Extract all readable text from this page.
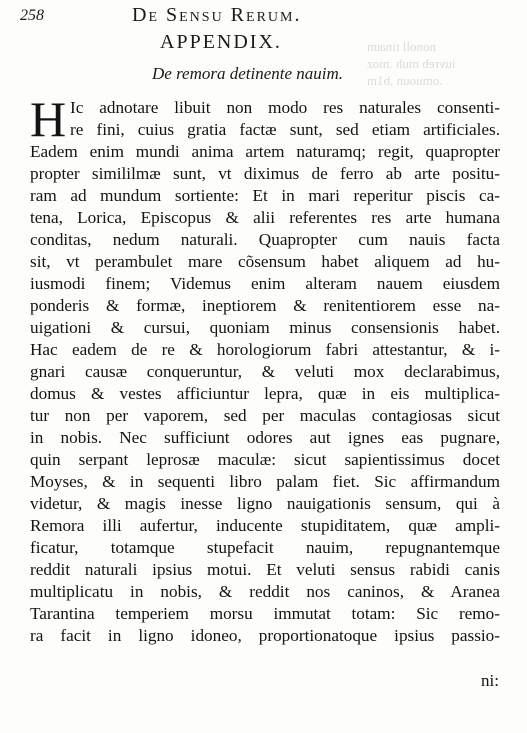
nonoll tinaun
iuvreb muh .moz
.omuoun ,b1m
258	De Sensu Rerum.
APPENDIX.
De remora detinente nauim.
H Ic adnotare libuit non modo res naturales consenti-
re fini, cuius gratia factæ sunt, sed etiam artificiales.
Eadem enim mundi anima artem naturamq; regit, quapropter
propter simililmæ sunt, vt diximus de ferro ab arte positu-
ram ad mundum sortiente: Et in mari reperitur piscis ca-
tena, Lorica, Episcopus & alii referentes res arte humana
conditas, nedum naturali. Quapropter cum nauis facta
sit, vt perambulet mare cõsensum habet aliquem ad hu-
iusmodi finem; Videmus enim alteram nauem eiusdem
ponderis & formæ, ineptiorem & renitentiorem esse na-
uigationi & cursui, quoniam minus consensionis habet.
Hac eadem de re & horologiorum fabri attestantur, & i-
gnari causæ conqueruntur, & veluti mox declarabimus,
domus & vestes afficiuntur lepra, quæ in eis multiplica-
tur non per vaporem, sed per maculas contagiosas sicut
in nobis. Nec sufficiunt odores aut ignes eas pugnare,
quin serpant leprosæ maculæ: sicut sapientissimus docet
Moyses, & in sequenti libro palam fiet. Sic affirmandum
videtur, & magis inesse ligno nauigationis sensum, qui à
Remora illi aufertur, inducente stupiditatem, quæ ampli-
ficatur, totamque stupefacit nauim, repugnantemque
reddit naturali ipsius motui. Et veluti sensus rabidi canis
multiplicatu in nobis, & reddit nos caninos, & Aranea
Tarantina temperiem morsu immutat totam: Sic remo-
ra facit in ligno idoneo, proportionatoque ipsius passio-
ni:
